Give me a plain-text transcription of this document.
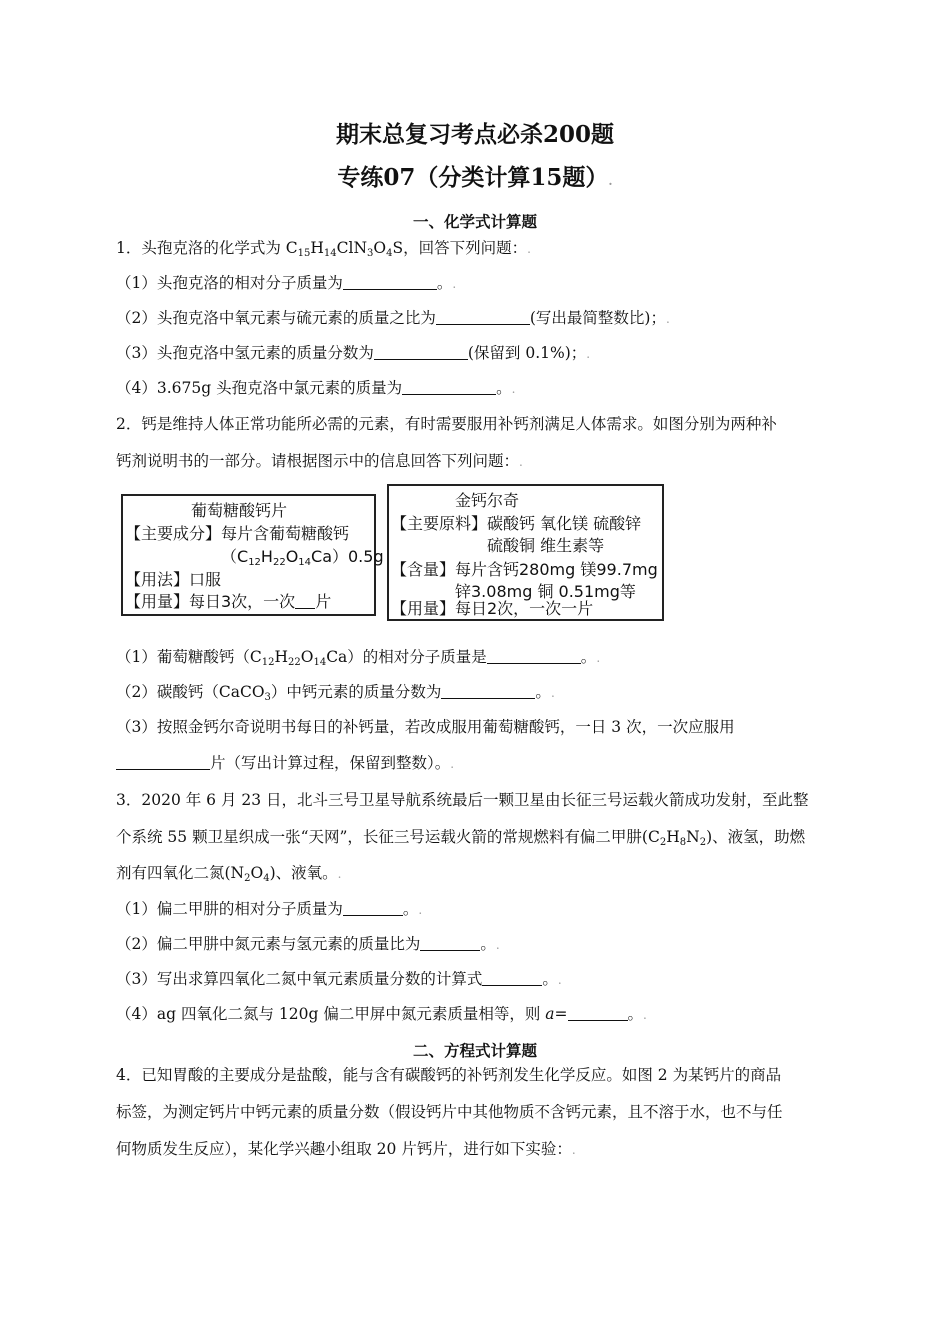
期末总复习考点必杀200题
专练07（分类计算15题）.
一、化学式计算题
1．头孢克洛的化学式为 $C_{15}H_{14}ClN_3O_4S$，回答下列问题：.
（1）头孢克洛的相对分子质量为	。.
（2）头孢克洛中氧元素与硫元素的质量之比为	(写出最简整数比)；.
（3）头孢克洛中氢元素的质量分数为	(保留到 0.1%)；.
（4）3.675g 头孢克洛中氯元素的质量为	。.
2．钙是维持人体正常功能所必需的元素，有时需要服用补钙剂满足人体需求。如图分别为两种补
钙剂说明书的一部分。请根据图示中的信息回答下列问题：.
葡萄糖酸钙片
【主要成分】每片含葡萄糖酸钙
$(C_{12}H_{22}O_{14}Ca)0.5g$
【用法】口服
【用量】每日3次，一次 片
金钙尔奇
【主要原料】碳酸钙 氧化镁 硫酸锌
硫酸铜 维生素等
【含量】每片含钙280mg 镁99.7mg
锌3.08mg 铜 0.51mg等
【用量】每日2次，一次一片
（1）葡萄糖酸钙$(C_{12}H_{22}O_{14}Ca)$的相对分子质量是	。.
（2）碳酸钙（CaCO$_3$）中钙元素的质量分数为	。.
（3）按照金钙尔奇说明书每日的补钙量，若改成服用葡萄糖酸钙，一日 3 次，一次应服用
片（写出计算过程，保留到整数）。.
3．2020 年 6 月 23 日，北斗三号卫星导航系统最后一颗卫星由长征三号运载火箭成功发射，至此整
个系统 55 颗卫星织成一张“天网”，长征三号运载火箭的常规燃料有偏二甲肼$(C_2H_8N_2)$、液氢，助燃
剂有四氧化二氮$(N_2O_4)$、液氧。.
（1）偏二甲肼的相对分子质量为	。.
（2）偏二甲肼中氮元素与氢元素的质量比为	。.
（3）写出求算四氧化二氮中氧元素质量分数的计算式	。.
（4）ag 四氧化二氮与 120g 偏二甲屏中氮元素质量相等，则 a=	。.
二、方程式计算题
4．已知胃酸的主要成分是盐酸，能与含有碳酸钙的补钙剂发生化学反应。如图 2 为某钙片的商品
标签，为测定钙片中钙元素的质量分数（假设钙片中其他物质不含钙元素，且不溶于水，也不与任
何物质发生反应），某化学兴趣小组取 20 片钙片，进行如下实验：.
